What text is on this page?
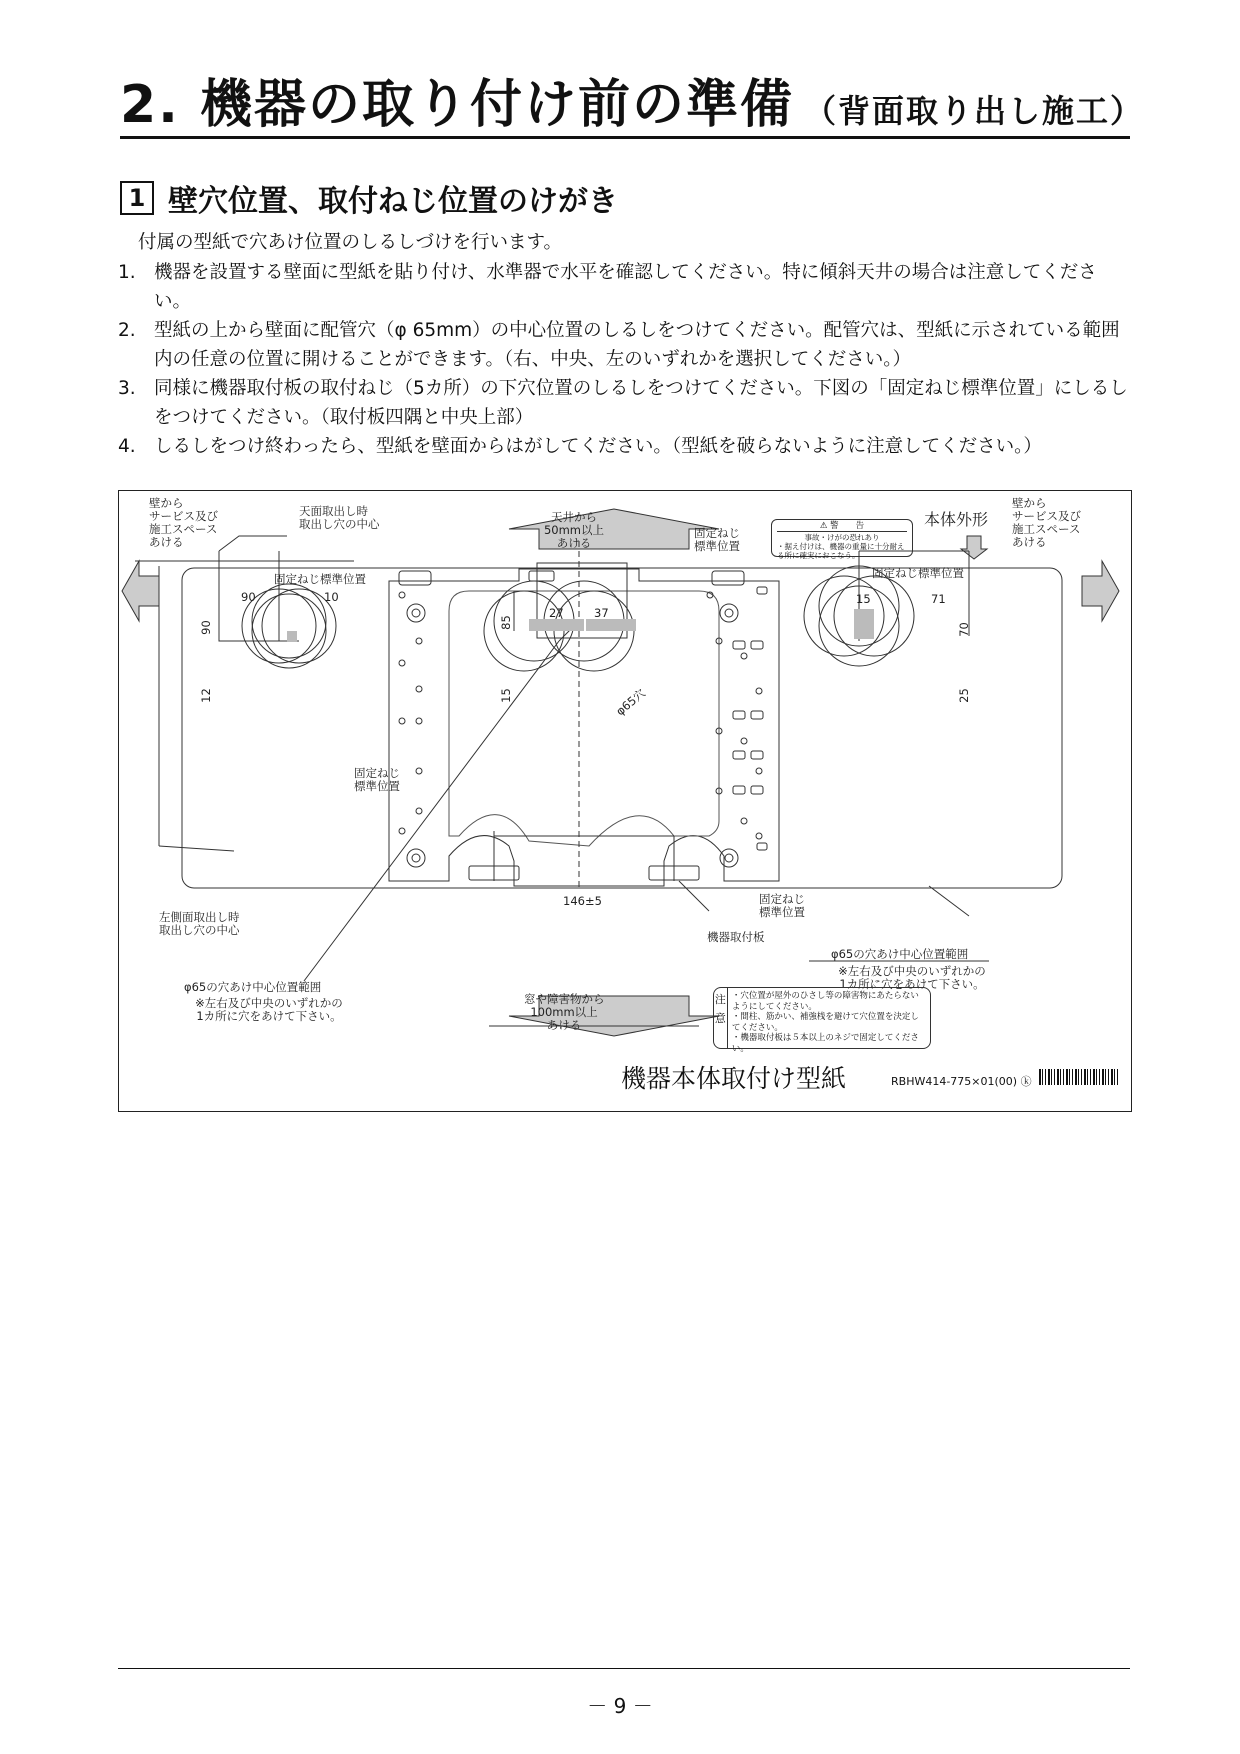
2. 機器の取り付け前の準備 （背面取り出し施工）
1 壁穴位置、取付ねじ位置のけがき
付属の型紙で穴あけ位置のしるしづけを行います。
1. 機器を設置する壁面に型紙を貼り付け、水準器で水平を確認してください。特に傾斜天井の場合は注意してください。
2. 型紙の上から壁面に配管穴（φ 65mm）の中心位置のしるしをつけてください。配管穴は、型紙に示されている範囲内の任意の位置に開けることができます。（右、中央、左のいずれかを選択してください。）
3. 同様に機器取付板の取付ねじ（5カ所）の下穴位置のしるしをつけてください。下図の「固定ねじ標準位置」にしるしをつけてください。（取付板四隅と中央上部）
4. しるしをつけ終わったら、型紙を壁面からはがしてください。（型紙を破らないように注意してください。）
壁から
サービス及び
施工スペース
あける
天面取出し時
取出し穴の中心	天井から
50mm以上
あける
固定ねじ
標準位置
本体外形
壁から
サービス及び
施工スペース
あける
固定ねじ標準位置	固定ねじ標準位置
90	10
90
12
85
27	37
15	φ65穴
15	71
70
25
固定ねじ
標準位置
146±5	固定ねじ
標準位置
左側面取出し時
取出し穴の中心	機器取付板
φ65の穴あけ中心位置範囲
※左右及び中央のいずれかの
1カ所に穴をあけて下さい。
φ65の穴あけ中心位置範囲
※左右及び中央のいずれかの
1カ所に穴をあけて下さい。
窓や障害物から
100mm以上
あける
⚠ 警　　告
事故・けがの恐れあり
・据え付けは、機器の重量に十分耐える所に確実におこなう。
注
意
・穴位置が屋外のひさし等の障害物にあたらないようにしてください。
・間柱、筋かい、補強桟を避けて穴位置を決定してください。
・機器取付板は５本以上のネジで固定してください。
機器本体取付け型紙	RBHW414-775×01(00) ⓚ
－ 9 －
